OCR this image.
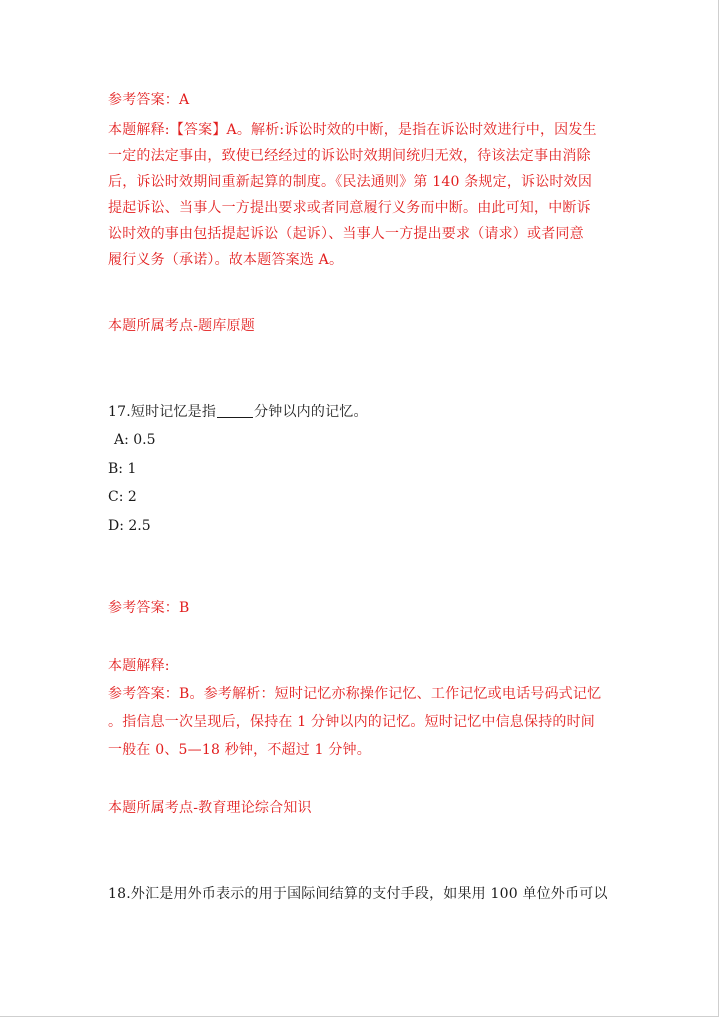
参考答案：A
本题解释:【答案】A。解析:诉讼时效的中断，是指在诉讼时效进行中，因发生
一定的法定事由，致使已经经过的诉讼时效期间统归无效，待该法定事由消除
后，诉讼时效期间重新起算的制度。《民法通则》第 140 条规定，诉讼时效因
提起诉讼、当事人一方提出要求或者同意履行义务而中断。由此可知，中断诉
讼时效的事由包括提起诉讼（起诉）、当事人一方提出要求（请求）或者同意
履行义务（承诺）。故本题答案选 A。
本题所属考点-题库原题
17.短时记忆是指	分钟以内的记忆。
A: 0.5
B: 1
C: 2
D: 2.5
参考答案：B
本题解释:
参考答案：B。参考解析：短时记忆亦称操作记忆、工作记忆或电话号码式记忆
。指信息一次呈现后，保持在 1 分钟以内的记忆。短时记忆中信息保持的时间
一般在 0、5—18 秒钟，不超过 1 分钟。
本题所属考点-教育理论综合知识
18.外汇是用外币表示的用于国际间结算的支付手段，如果用 100 单位外币可以
